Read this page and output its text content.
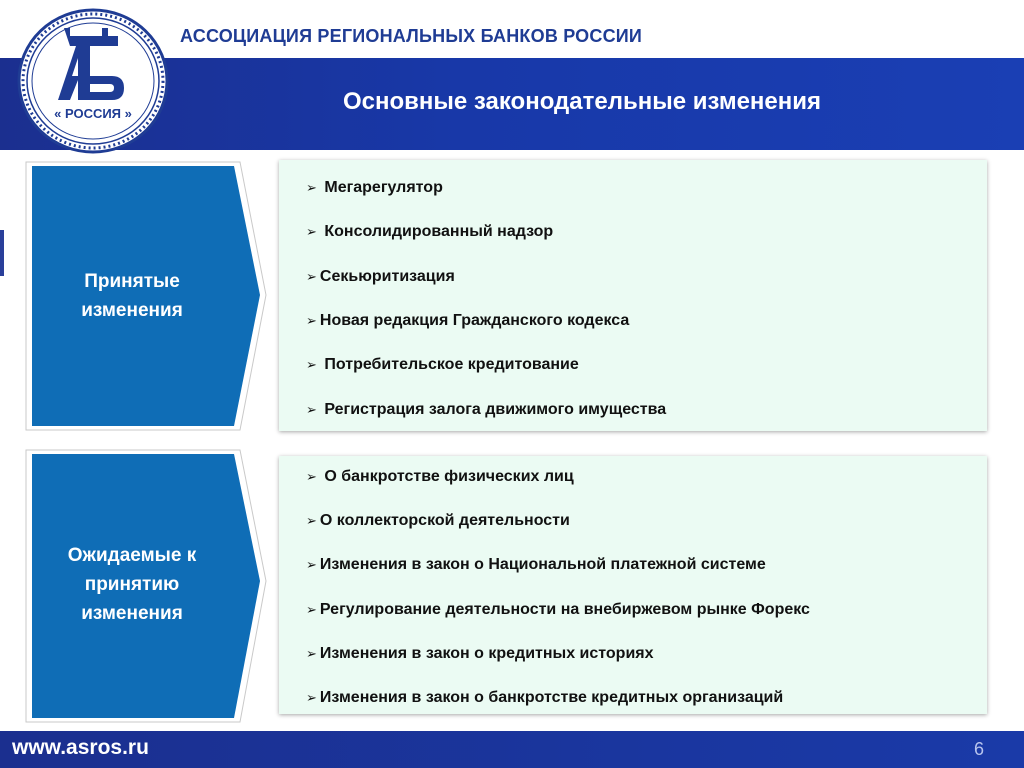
АССОЦИАЦИЯ РЕГИОНАЛЬНЫХ БАНКОВ РОССИИ
Основные законодательные изменения
« РОССИЯ »
Принятые
изменения
➢ Мегарегулятор
➢ Консолидированный надзор
➢ Секьюритизация
➢ Новая редакция Гражданского кодекса
➢ Потребительское кредитование
➢ Регистрация залога движимого имущества
Ожидаемые к
принятию
изменения
➢ О банкротстве физических лиц
➢ О коллекторской деятельности
➢ Изменения в закон о Национальной платежной системе
➢ Регулирование деятельности на внебиржевом рынке Форекс
➢ Изменения в закон о кредитных историях
➢ Изменения в закон о банкротстве кредитных организаций
www.asros.ru	6
